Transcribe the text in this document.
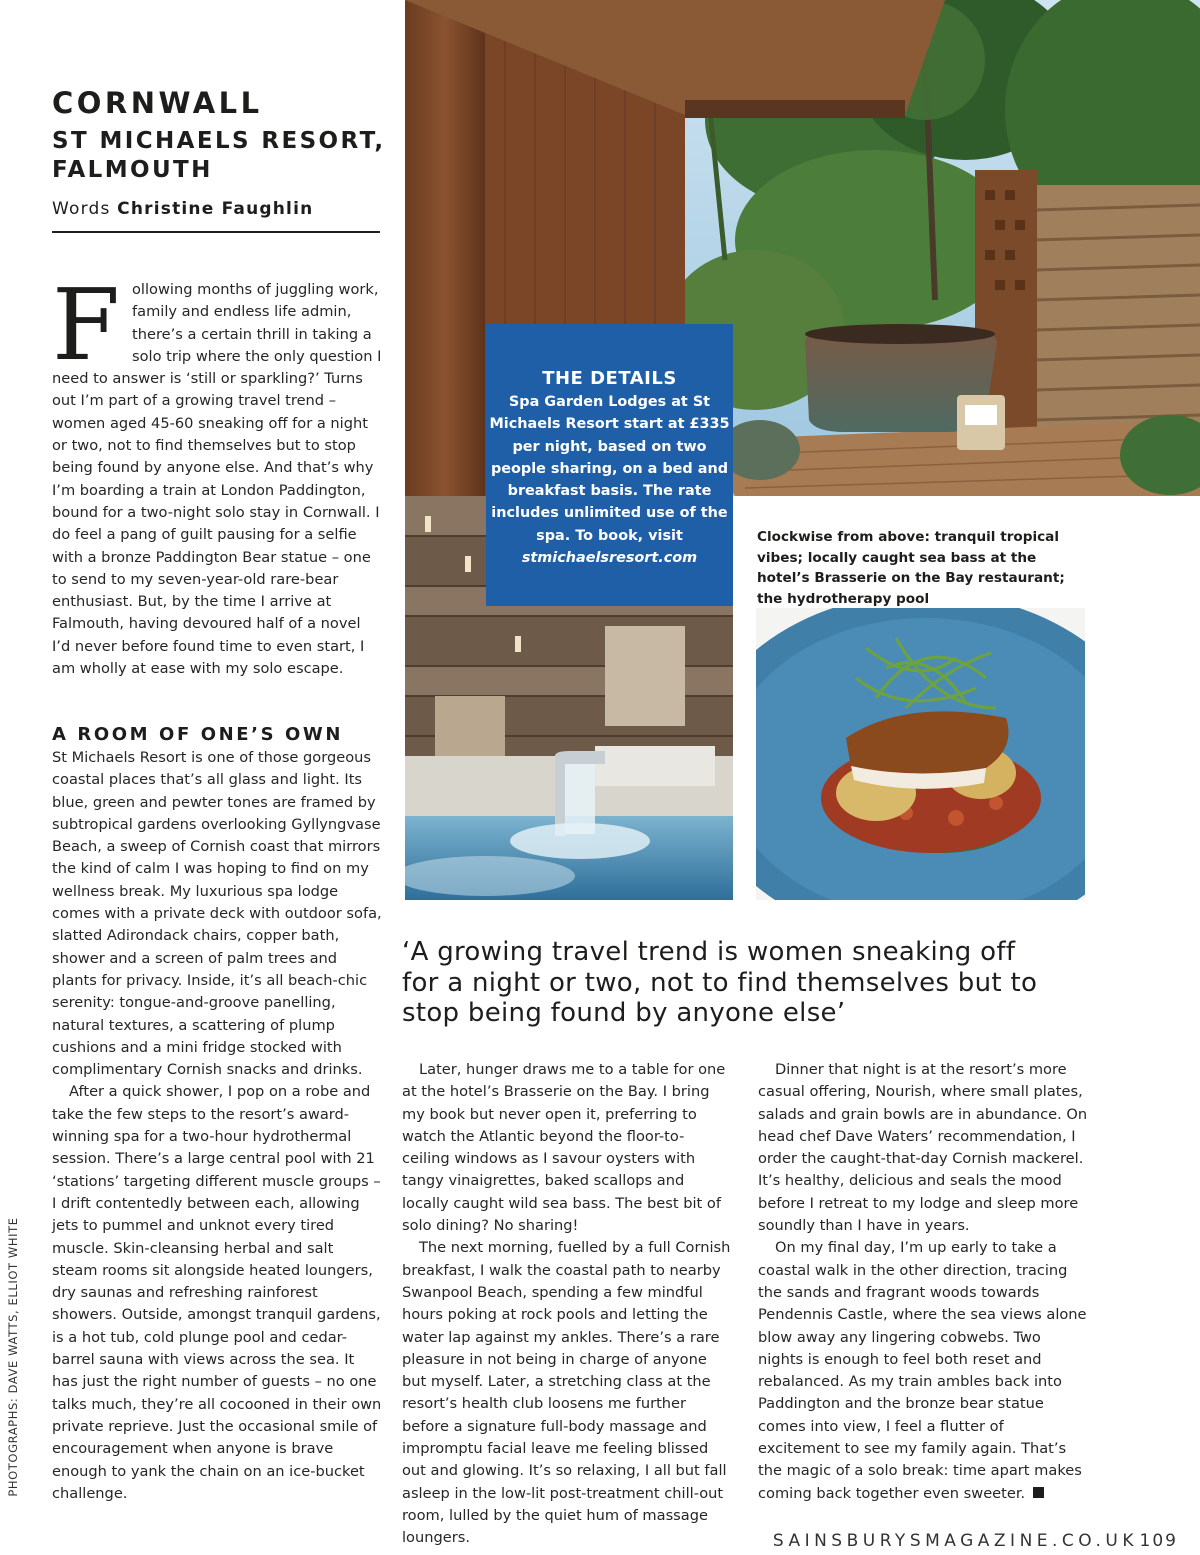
CORNWALL
ST MICHAELS RESORT,
FALMOUTH
Words Christine Faughlin

Following months of juggling work, family and endless life admin, there’s a certain thrill in taking a solo trip where the only question I need to answer is ‘still or sparkling?’ Turns out I’m part of a growing travel trend – women aged 45-60 sneaking off for a night or two, not to find themselves but to stop being found by anyone else. And that’s why I’m boarding a train at London Paddington, bound for a two-night solo stay in Cornwall. I do feel a pang of guilt pausing for a selfie with a bronze Paddington Bear statue – one to send to my seven-year-old rare-bear enthusiast. But, by the time I arrive at Falmouth, having devoured half of a novel I’d never before found time to even start, I am wholly at ease with my solo escape.

A ROOM OF ONE’S OWN

St Michaels Resort is one of those gorgeous coastal places that’s all glass and light. Its blue, green and pewter tones are framed by subtropical gardens overlooking Gyllyngvase Beach, a sweep of Cornish coast that mirrors the kind of calm I was hoping to find on my wellness break. My luxurious spa lodge comes with a private deck with outdoor sofa, slatted Adirondack chairs, copper bath, shower and a screen of palm trees and plants for privacy. Inside, it’s all beach-chic serenity: tongue-and-groove panelling, natural textures, a scattering of plump cushions and a mini fridge stocked with complimentary Cornish snacks and drinks.

After a quick shower, I pop on a robe and take the few steps to the resort’s award-winning spa for a two-hour hydrothermal session. There’s a large central pool with 21 ‘stations’ targeting different muscle groups – I drift contentedly between each, allowing jets to pummel and unknot every tired muscle. Skin-cleansing herbal and salt steam rooms sit alongside heated loungers, dry saunas and refreshing rainforest showers. Outside, amongst tranquil gardens, is a hot tub, cold plunge pool and cedar-barrel sauna with views across the sea. It has just the right number of guests – no one talks much, they’re all cocooned in their own private reprieve. Just the occasional smile of encouragement when anyone is brave enough to yank the chain on an ice-bucket challenge.

THE DETAILS
Spa Garden Lodges at St Michaels Resort start at £335 per night, based on two people sharing, on a bed and breakfast basis. The rate includes unlimited use of the spa. To book, visit
stmichaelsresort.com
Clockwise from above: tranquil tropical vibes; locally caught sea bass at the hotel’s Brasserie on the Bay restaurant; the hydrotherapy pool
‘A growing travel trend is women sneaking off for a night or two, not to find themselves but to stop being found by anyone else’

Later, hunger draws me to a table for one at the hotel’s Brasserie on the Bay. I bring my book but never open it, preferring to watch the Atlantic beyond the floor-to-ceiling windows as I savour oysters with tangy vinaigrettes, baked scallops and locally caught wild sea bass. The best bit of solo dining? No sharing!

The next morning, fuelled by a full Cornish breakfast, I walk the coastal path to nearby Swanpool Beach, spending a few mindful hours poking at rock pools and letting the water lap against my ankles. There’s a rare pleasure in not being in charge of anyone but myself. Later, a stretching class at the resort’s health club loosens me further before a signature full-body massage and impromptu facial leave me feeling blissed out and glowing. It’s so relaxing, I all but fall asleep in the low-lit post-treatment chill-out room, lulled by the quiet hum of massage loungers.

Dinner that night is at the resort’s more casual offering, Nourish, where small plates, salads and grain bowls are in abundance. On head chef Dave Waters’ recommendation, I order the caught-that-day Cornish mackerel. It’s healthy, delicious and seals the mood before I retreat to my lodge and sleep more soundly than I have in years.

On my final day, I’m up early to take a coastal walk in the other direction, tracing the sands and fragrant woods towards Pendennis Castle, where the sea views alone blow away any lingering cobwebs. Two nights is enough to feel both reset and rebalanced. As my train ambles back into Paddington and the bronze bear statue comes into view, I feel a flutter of excitement to see my family again. That’s the magic of a solo break: time apart makes coming back together even sweeter.

PHOTOGRAPHS: DAVE WATTS, ELLIOT WHITE
SAINSBURYSMAGAZINE.CO.UK 109
